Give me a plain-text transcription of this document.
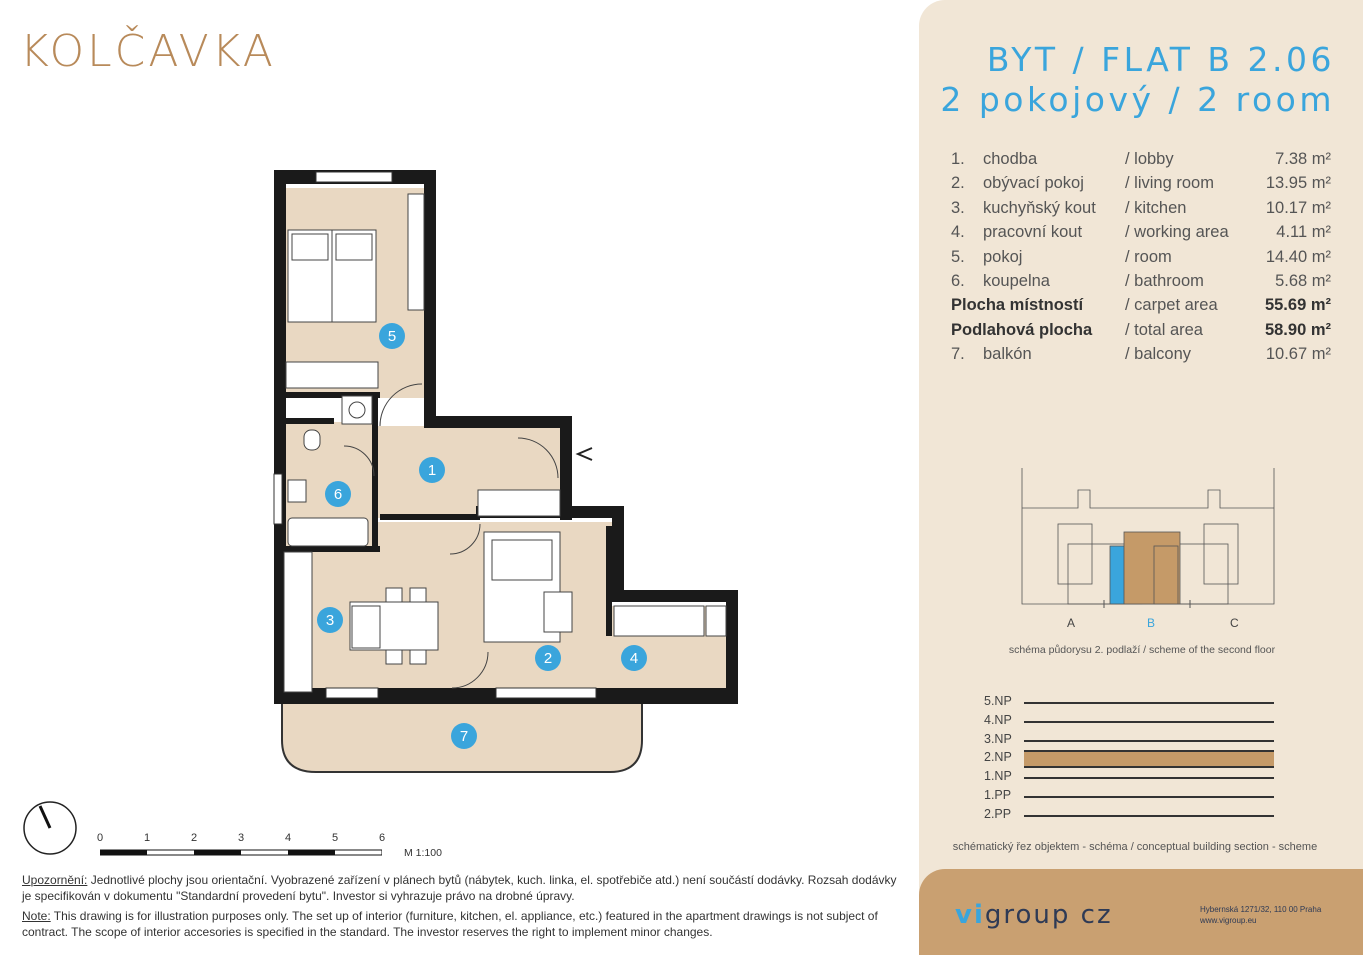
KOLČAVKA
1
2
3
4
5
6
7
0	1	2	3	4	5	6
M 1:100

Upozornění: Jednotlivé plochy jsou orientační. Vyobrazené zařízení v plánech bytů (nábytek, kuch. linka, el. spotřebiče atd.) není součástí dodávky. Rozsah dodávky je specifikován v dokumentu "Standardní provedení bytu". Investor si vyhrazuje právo na drobné úpravy.

Note: This drawing is for illustration purposes only. The set up of interior (furniture, kitchen, el. appliance, etc.) featured in the apartment drawings is not subject of contract. The scope of interior accesories is specified in the standard. The investor reserves the right to implement minor changes.

BYT / FLAT B 2.06
2 pokojový / 2 room
1. chodba	/ lobby	7.38 m²
2. obývací pokoj / living room	13.95 m²
3. kuchyňský kout / kitchen	10.17 m²
4. pracovní kout	/ working area	4.11 m²
5. pokoj	/ room	14.40 m²
6. koupelna	/ bathroom	5.68 m²
Plocha místností	/ carpet area	55.69 m²
Podlahová plocha / total area	58.90 m²
7. balkón	/ balcony	10.67 m²
A	B	C
schéma půdorysu 2. podlaží / scheme of the second floor
5.NP
4.NP
3.NP
2.NP
1.NP
1.PP
2.PP
schématický řez objektem - schéma / conceptual building section - scheme
vigroup cz	Hybernská 1271/32, 110 00 Praha
www.vigroup.eu
